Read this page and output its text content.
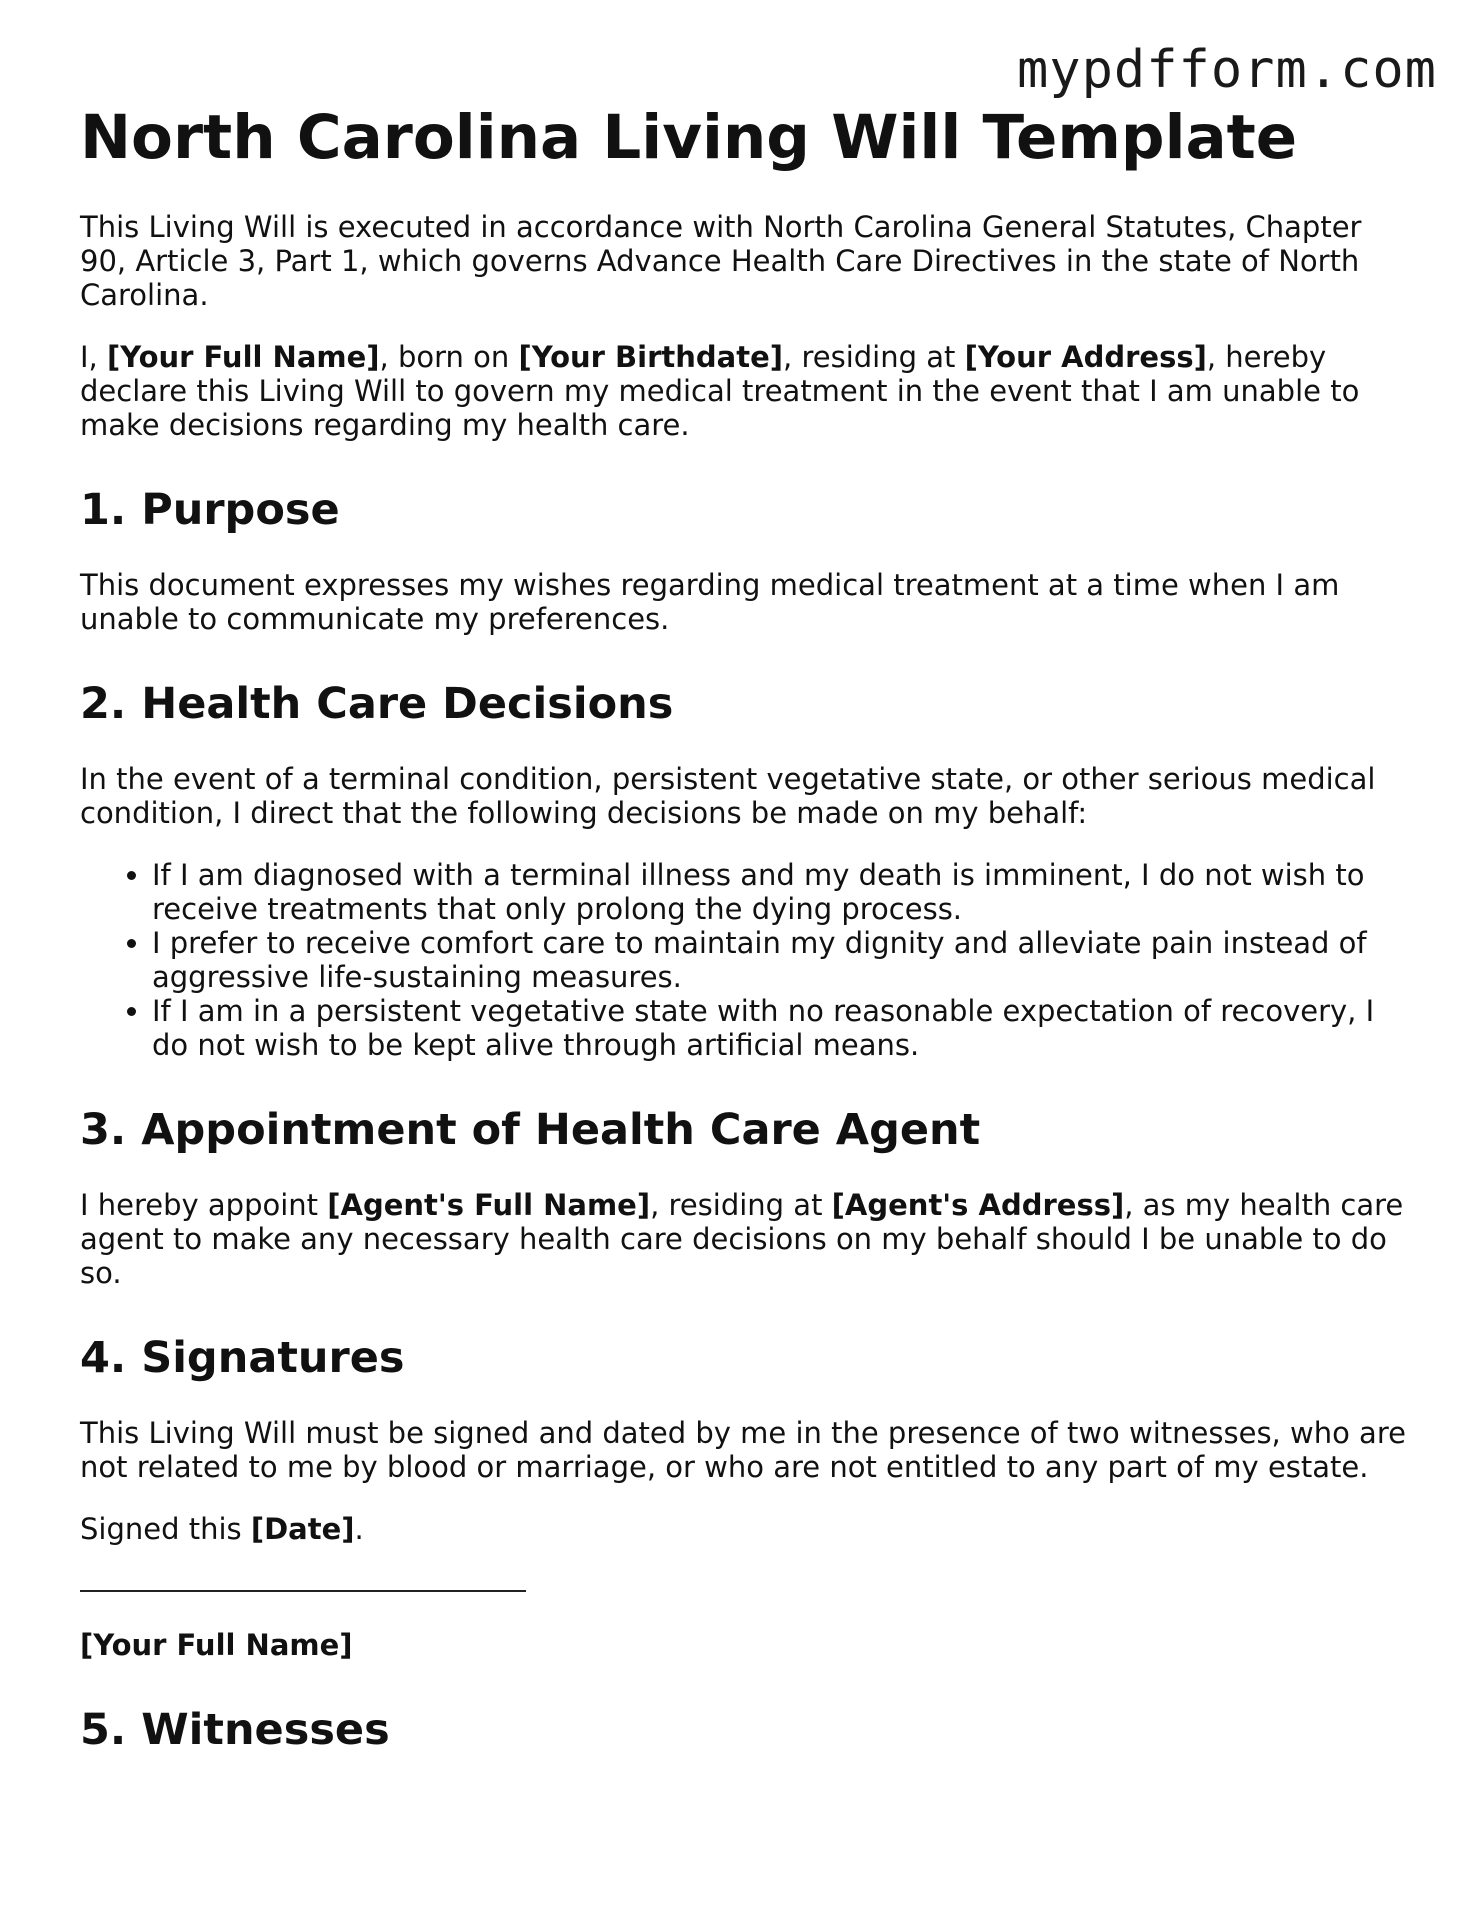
mypdfform.com
North Carolina Living Will Template

This Living Will is executed in accordance with North Carolina General Statutes, Chapter 90, Article 3, Part 1, which governs Advance Health Care Directives in the state of North Carolina.

I, [Your Full Name], born on [Your Birthdate], residing at [Your Address], hereby declare this Living Will to govern my medical treatment in the event that I am unable to make decisions regarding my health care.

1. Purpose

This document expresses my wishes regarding medical treatment at a time when I am unable to communicate my preferences.

2. Health Care Decisions

In the event of a terminal condition, persistent vegetative state, or other serious medical condition, I direct that the following decisions be made on my behalf:

• If I am diagnosed with a terminal illness and my death is imminent, I do not wish to receive treatments that only prolong the dying process.
• I prefer to receive comfort care to maintain my dignity and alleviate pain instead of aggressive life-sustaining measures.
• If I am in a persistent vegetative state with no reasonable expectation of recovery, I do not wish to be kept alive through artificial means.
3. Appointment of Health Care Agent

I hereby appoint [Agent's Full Name], residing at [Agent's Address], as my health care agent to make any necessary health care decisions on my behalf should I be unable to do so.

4. Signatures

This Living Will must be signed and dated by me in the presence of two witnesses, who are not related to me by blood or marriage, or who are not entitled to any part of my estate.

Signed this [Date].

[Your Full Name]

5. Witnesses
